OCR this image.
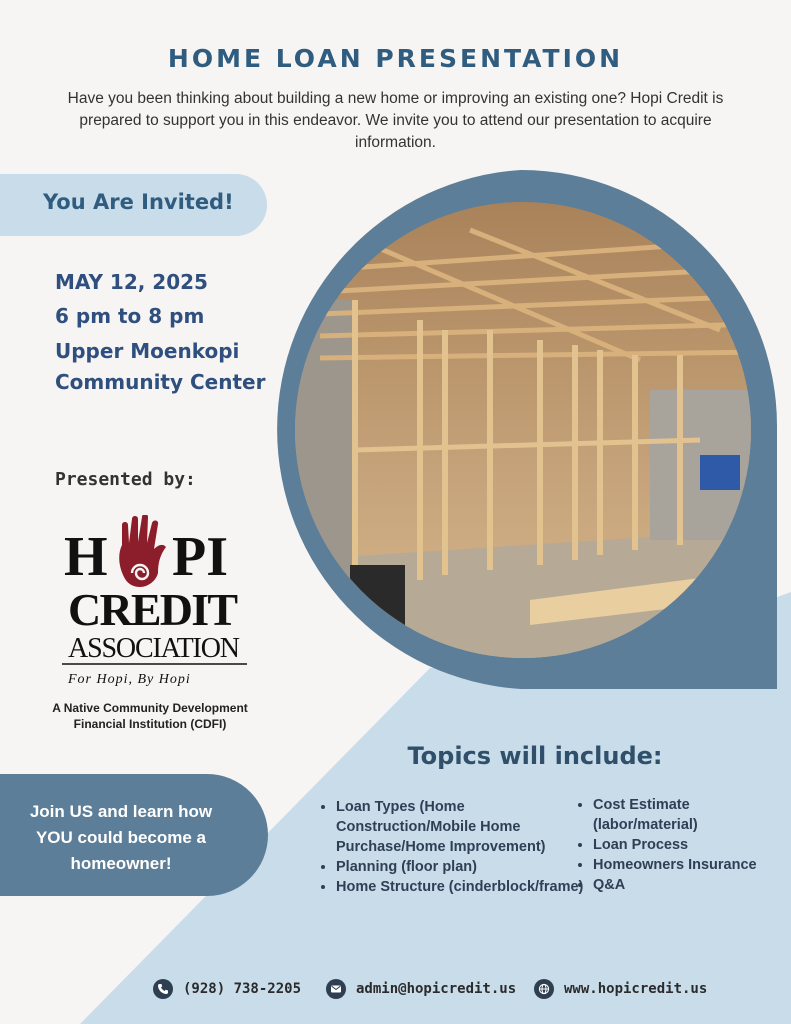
HOME LOAN PRESENTATION
Have you been thinking about building a new home or improving an existing one? Hopi Credit is prepared to support you in this endeavor. We invite you to attend our presentation to acquire information.
You Are Invited!
MAY 12, 2025
6 pm to 8 pm
Upper Moenkopi Community Center
Presented by:
H PI
CREDIT
ASSOCIATION
For Hopi, By Hopi
A Native Community Development Financial Institution (CDFI)
Join US and learn how YOU could become a homeowner!
Topics will include:
• Loan Types (Home Construction/Mobile Home Purchase/Home Improvement)
• Planning (floor plan)
• Home Structure (cinderblock/frame)
• Cost Estimate (labor/material)
• Loan Process
• Homeowners Insurance
• Q&A
(928) 738-2205	admin@hopicredit.us	www.hopicredit.us
